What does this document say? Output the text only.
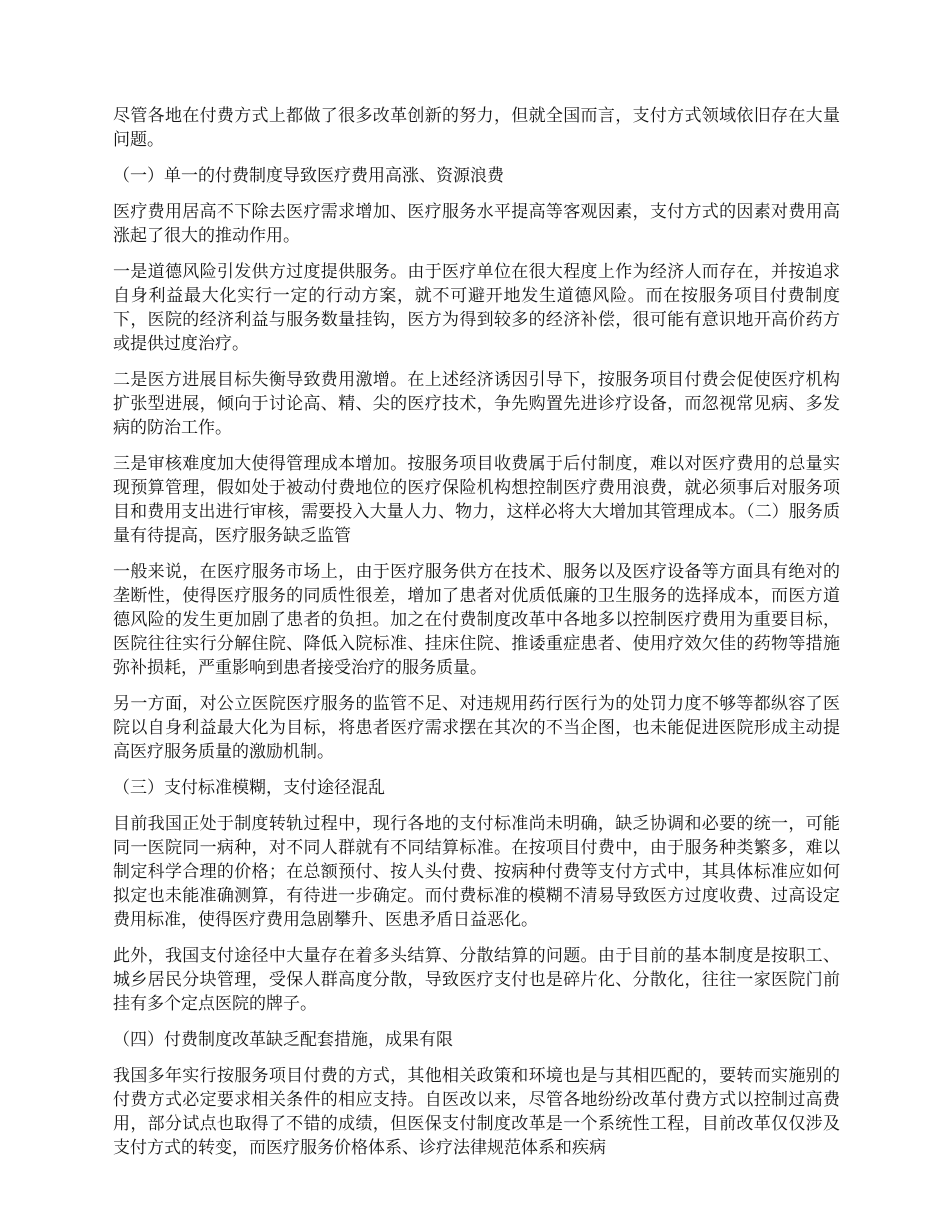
尽管各地在付费方式上都做了很多改革创新的努力，但就全国而言，支付方式领域依旧存在大量问题。

（一）单一的付费制度导致医疗费用高涨、资源浪费

医疗费用居高不下除去医疗需求增加、医疗服务水平提高等客观因素，支付方式的因素对费用高涨起了很大的推动作用。

一是道德风险引发供方过度提供服务。由于医疗单位在很大程度上作为经济人而存在，并按追求自身利益最大化实行一定的行动方案，就不可避开地发生道德风险。而在按服务项目付费制度下，医院的经济利益与服务数量挂钩，医方为得到较多的经济补偿，很可能有意识地开高价药方或提供过度治疗。

二是医方进展目标失衡导致费用激增。在上述经济诱因引导下，按服务项目付费会促使医疗机构扩张型进展，倾向于讨论高、精、尖的医疗技术，争先购置先进诊疗设备，而忽视常见病、多发病的防治工作。

三是审核难度加大使得管理成本增加。按服务项目收费属于后付制度，难以对医疗费用的总量实现预算管理，假如处于被动付费地位的医疗保险机构想控制医疗费用浪费，就必须事后对服务项目和费用支出进行审核，需要投入大量人力、物力，这样必将大大增加其管理成本。（二）服务质量有待提高，医疗服务缺乏监管

一般来说，在医疗服务市场上，由于医疗服务供方在技术、服务以及医疗设备等方面具有绝对的垄断性，使得医疗服务的同质性很差，增加了患者对优质低廉的卫生服务的选择成本，而医方道德风险的发生更加剧了患者的负担。加之在付费制度改革中各地多以控制医疗费用为重要目标，医院往往实行分解住院、降低入院标准、挂床住院、推诿重症患者、使用疗效欠佳的药物等措施弥补损耗，严重影响到患者接受治疗的服务质量。

另一方面，对公立医院医疗服务的监管不足、对违规用药行医行为的处罚力度不够等都纵容了医院以自身利益最大化为目标，将患者医疗需求摆在其次的不当企图，也未能促进医院形成主动提高医疗服务质量的激励机制。

（三）支付标准模糊，支付途径混乱

目前我国正处于制度转轨过程中，现行各地的支付标准尚未明确，缺乏协调和必要的统一，可能同一医院同一病种，对不同人群就有不同结算标准。在按项目付费中，由于服务种类繁多，难以制定科学合理的价格；在总额预付、按人头付费、按病种付费等支付方式中，其具体标准应如何拟定也未能准确测算，有待进一步确定。而付费标准的模糊不清易导致医方过度收费、过高设定费用标准，使得医疗费用急剧攀升、医患矛盾日益恶化。

此外，我国支付途径中大量存在着多头结算、分散结算的问题。由于目前的基本制度是按职工、城乡居民分块管理，受保人群高度分散，导致医疗支付也是碎片化、分散化，往往一家医院门前挂有多个定点医院的牌子。

（四）付费制度改革缺乏配套措施，成果有限

我国多年实行按服务项目付费的方式，其他相关政策和环境也是与其相匹配的，要转而实施别的付费方式必定要求相关条件的相应支持。自医改以来，尽管各地纷纷改革付费方式以控制过高费用，部分试点也取得了不错的成绩，但医保支付制度改革是一个系统性工程，目前改革仅仅涉及支付方式的转变，而医疗服务价格体系、诊疗法律规范体系和疾病
